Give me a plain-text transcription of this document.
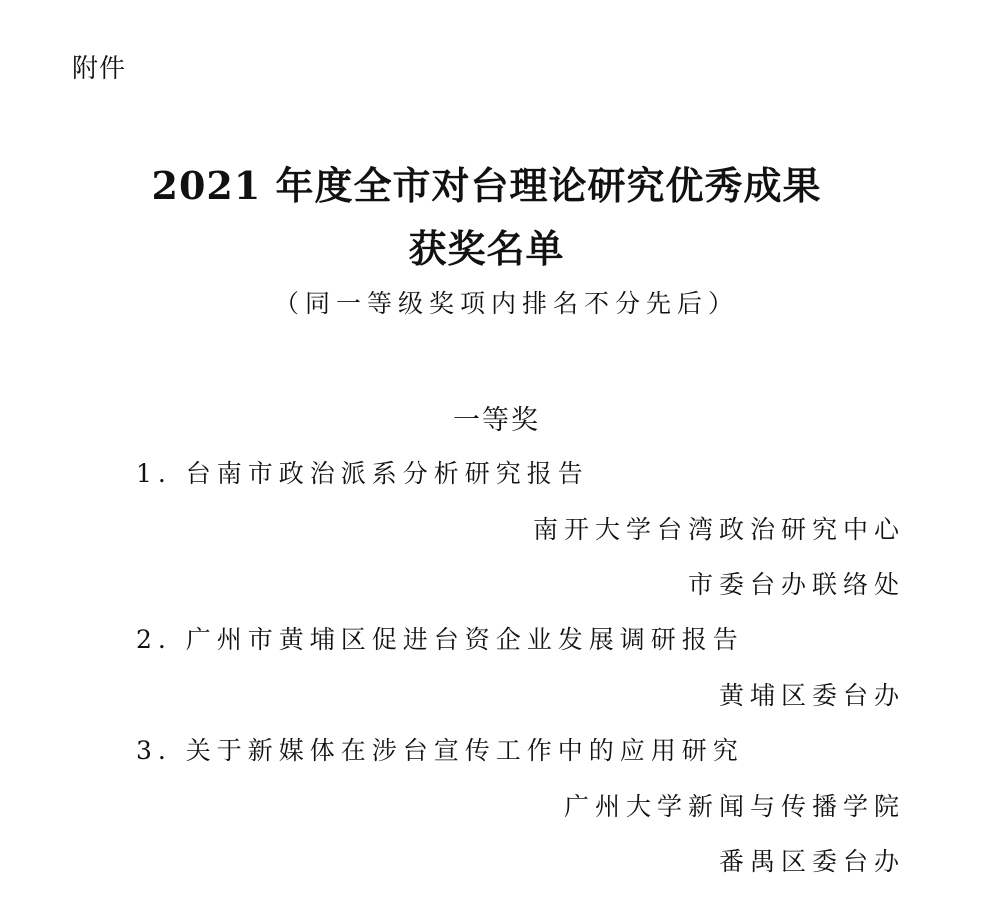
附件
2021 年度全市对台理论研究优秀成果
获奖名单
（同一等级奖项内排名不分先后）
一等奖
1. 台南市政治派系分析研究报告
南开大学台湾政治研究中心
市委台办联络处
2. 广州市黄埔区促进台资企业发展调研报告
黄埔区委台办
3. 关于新媒体在涉台宣传工作中的应用研究
广州大学新闻与传播学院
番禺区委台办
